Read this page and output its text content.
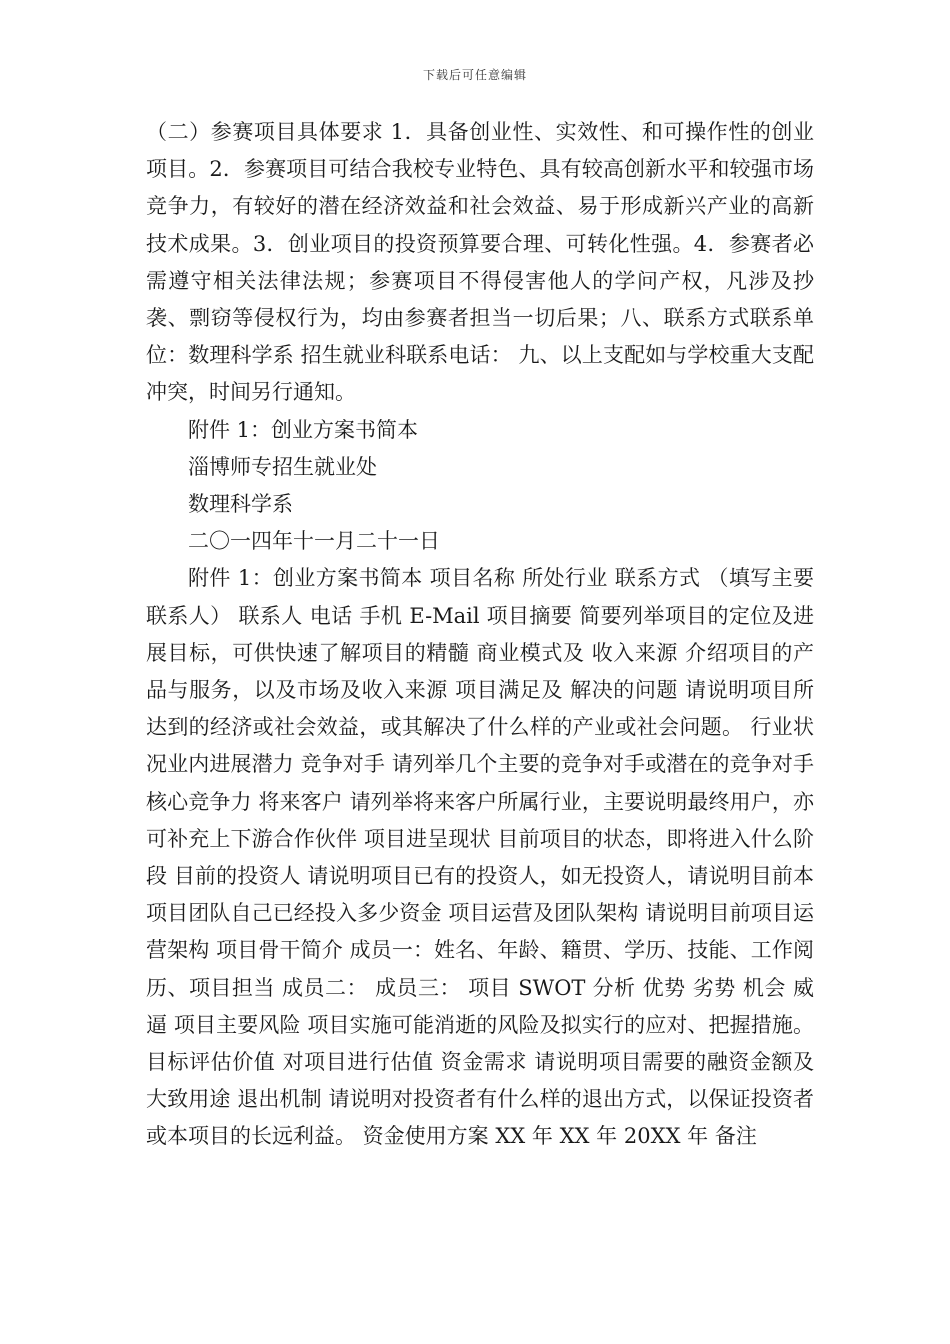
下载后可任意编辑

（二）参赛项目具体要求 1．具备创业性、实效性、和可操作性的创业项目。2．参赛项目可结合我校专业特色、具有较高创新水平和较强市场竞争力，有较好的潜在经济效益和社会效益、易于形成新兴产业的高新技术成果。3．创业项目的投资预算要合理、可转化性强。4．参赛者必需遵守相关法律法规；参赛项目不得侵害他人的学问产权，凡涉及抄袭、剽窃等侵权行为，均由参赛者担当一切后果；八、联系方式联系单位：数理科学系 招生就业科联系电话： 九、以上支配如与学校重大支配冲突，时间另行通知。

附件 1：创业方案书简本

淄博师专招生就业处

数理科学系

二〇一四年十一月二十一日

附件 1：创业方案书简本 项目名称 所处行业 联系方式 （填写主要联系人） 联系人 电话 手机 E-Mail 项目摘要 简要列举项目的定位及进展目标，可供快速了解项目的精髓 商业模式及 收入来源 介绍项目的产品与服务，以及市场及收入来源 项目满足及 解决的问题 请说明项目所达到的经济或社会效益，或其解决了什么样的产业或社会问题。 行业状况业内进展潜力 竞争对手 请列举几个主要的竞争对手或潜在的竞争对手 核心竞争力 将来客户 请列举将来客户所属行业，主要说明最终用户，亦可补充上下游合作伙伴 项目进呈现状 目前项目的状态，即将进入什么阶段 目前的投资人 请说明项目已有的投资人，如无投资人，请说明目前本项目团队自己已经投入多少资金 项目运营及团队架构 请说明目前项目运营架构 项目骨干简介 成员一：姓名、年龄、籍贯、学历、技能、工作阅历、项目担当 成员二： 成员三： 项目 SWOT 分析 优势 劣势 机会 威逼 项目主要风险 项目实施可能消逝的风险及拟实行的应对、把握措施。 目标评估价值 对项目进行估值 资金需求 请说明项目需要的融资金额及大致用途 退出机制 请说明对投资者有什么样的退出方式，以保证投资者或本项目的长远利益。 资金使用方案 XX 年 XX 年 20XX 年 备注
